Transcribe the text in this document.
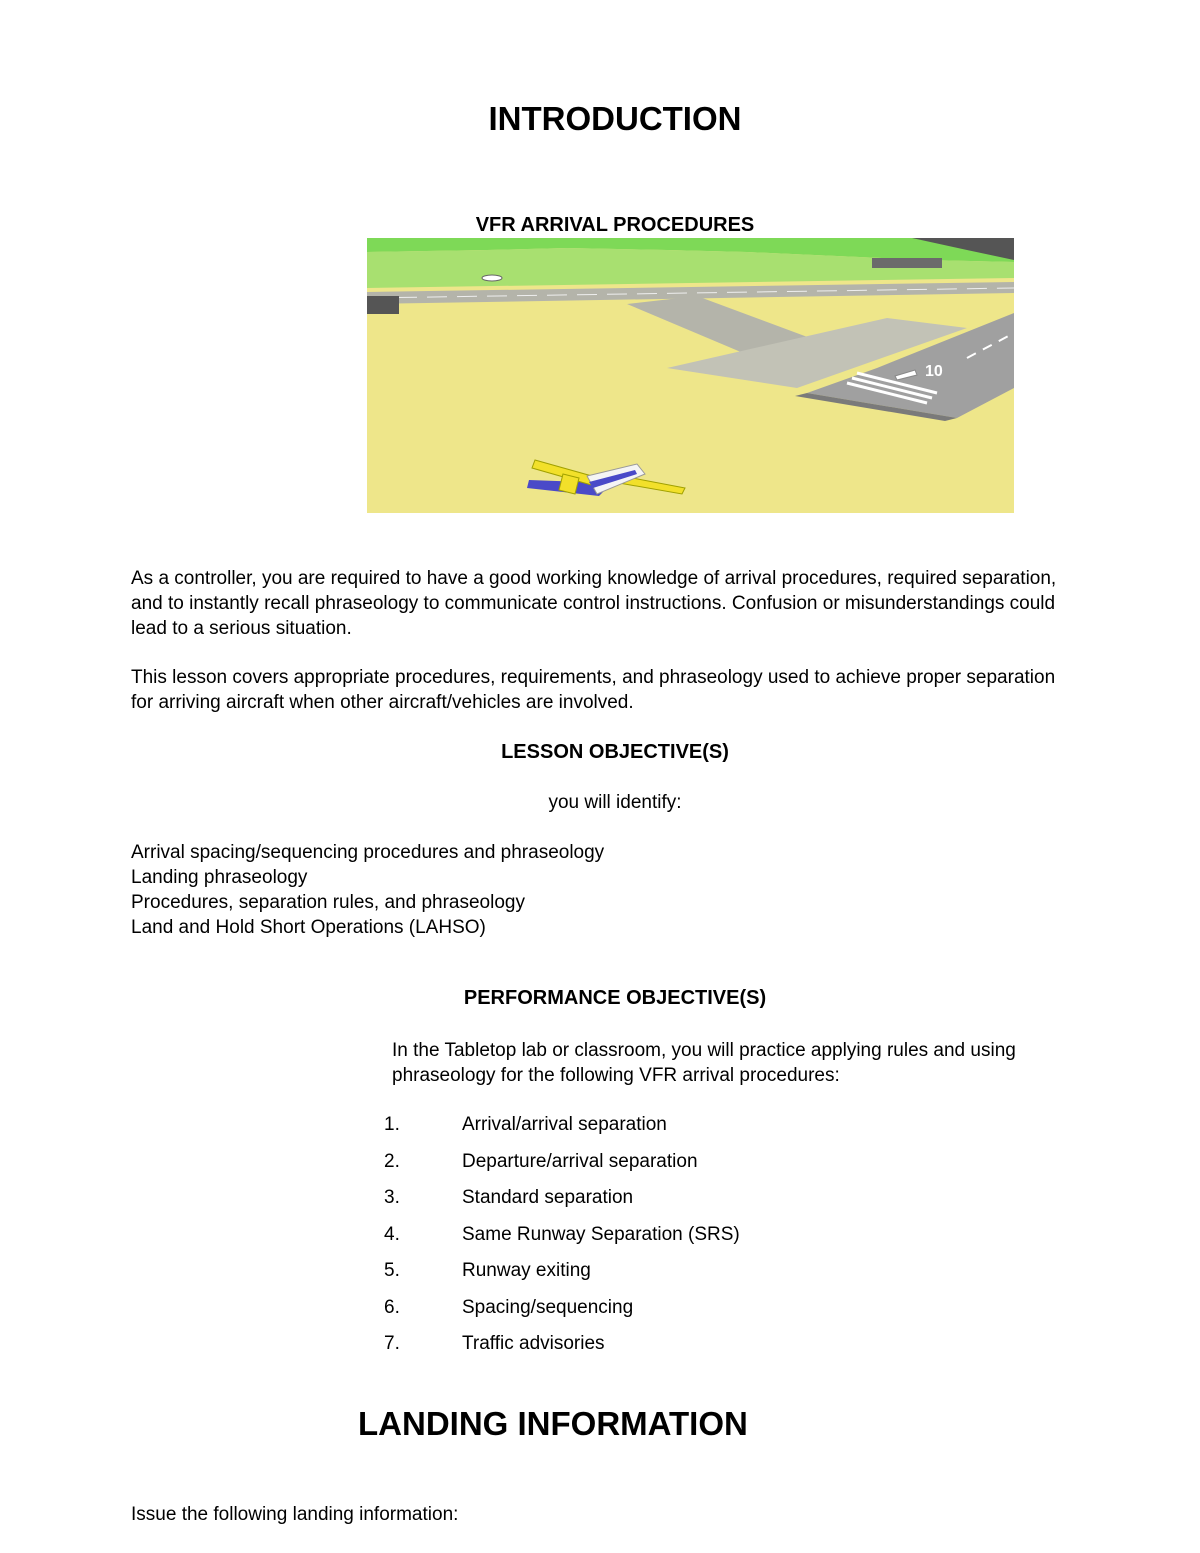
INTRODUCTION
VFR ARRIVAL PROCEDURES
10
As a controller, you are required to have a good working knowledge of arrival procedures, required separation, and to instantly recall phraseology to communicate control instructions. Confusion or misunderstandings could lead to a serious situation.
This lesson covers appropriate procedures, requirements, and phraseology used to achieve proper separation for arriving aircraft when other aircraft/vehicles are involved.
LESSON OBJECTIVE(S)
you will identify:
Arrival spacing/sequencing procedures and phraseology
Landing phraseology
Procedures, separation rules, and phraseology
Land and Hold Short Operations (LAHSO)
PERFORMANCE OBJECTIVE(S)
In the Tabletop lab or classroom, you will practice applying rules and using phraseology for the following VFR arrival procedures:
1.	Arrival/arrival separation
2.	Departure/arrival separation
3.	Standard separation
4.	Same Runway Separation (SRS)
5.	Runway exiting
6.	Spacing/sequencing
7.	Traffic advisories
LANDING INFORMATION
Issue the following landing information:
